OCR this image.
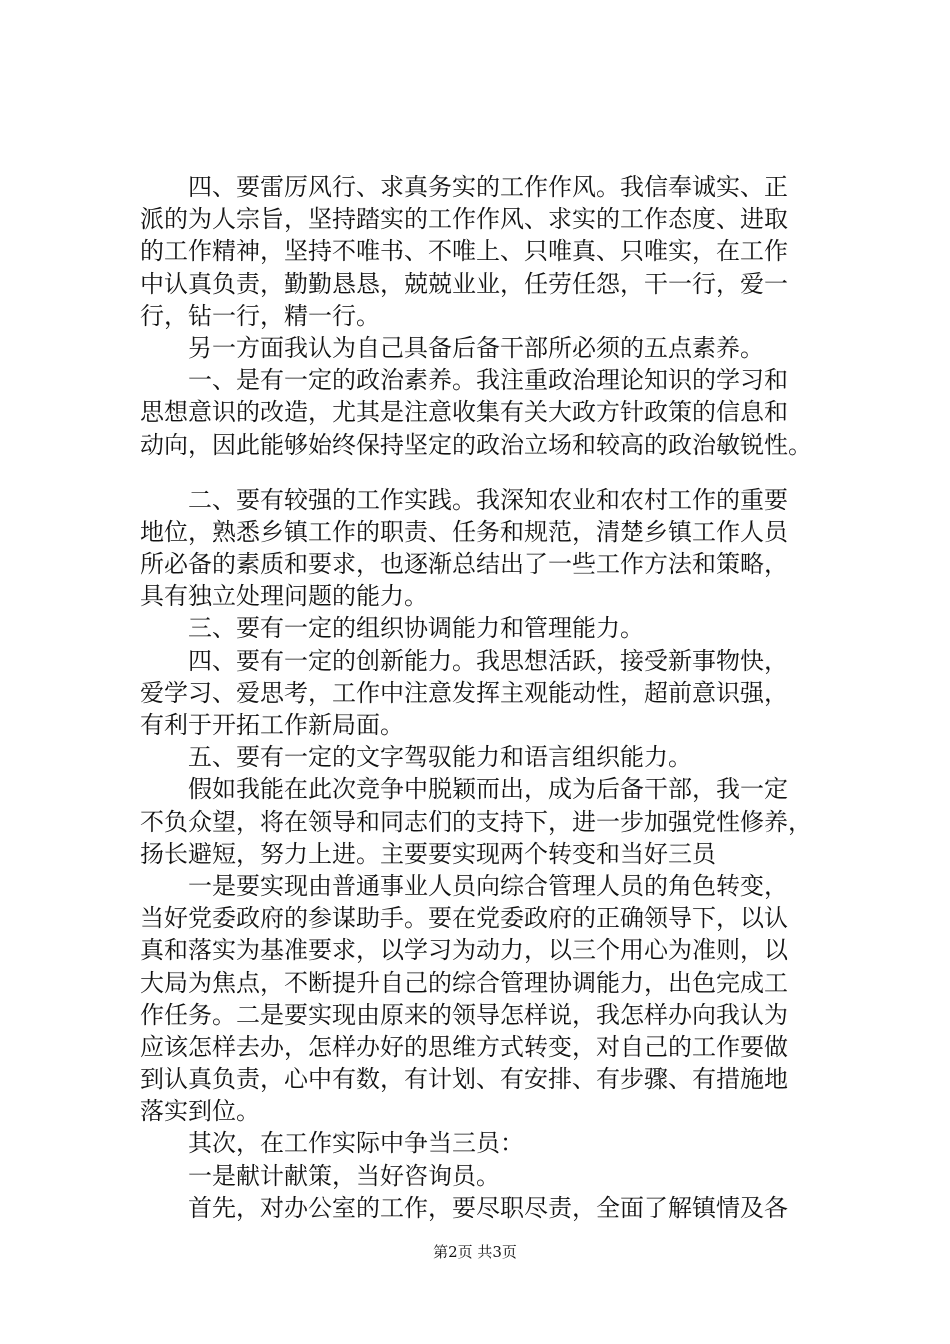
　　四、要雷厉风行、求真务实的工作作风。我信奉诚实、正
派的为人宗旨，坚持踏实的工作作风、求实的工作态度、进取
的工作精神，坚持不唯书、不唯上、只唯真、只唯实，在工作
中认真负责，勤勤恳恳，兢兢业业，任劳任怨，干一行，爱一
行，钻一行，精一行。
　　另一方面我认为自己具备后备干部所必须的五点素养。
　　一、是有一定的政治素养。我注重政治理论知识的学习和
思想意识的改造，尤其是注意收集有关大政方针政策的信息和
动向，因此能够始终保持坚定的政治立场和较高的政治敏锐性。
　　二、要有较强的工作实践。我深知农业和农村工作的重要
地位，熟悉乡镇工作的职责、任务和规范，清楚乡镇工作人员
所必备的素质和要求，也逐渐总结出了一些工作方法和策略，
具有独立处理问题的能力。
　　三、要有一定的组织协调能力和管理能力。
　　四、要有一定的创新能力。我思想活跃，接受新事物快，
爱学习、爱思考，工作中注意发挥主观能动性，超前意识强，
有利于开拓工作新局面。
　　五、要有一定的文字驾驭能力和语言组织能力。
　　假如我能在此次竞争中脱颖而出，成为后备干部，我一定
不负众望，将在领导和同志们的支持下，进一步加强党性修养，
扬长避短，努力上进。主要要实现两个转变和当好三员
　　一是要实现由普通事业人员向综合管理人员的角色转变，
当好党委政府的参谋助手。要在党委政府的正确领导下，以认
真和落实为基准要求，以学习为动力，以三个用心为准则，以
大局为焦点，不断提升自己的综合管理协调能力，出色完成工
作任务。二是要实现由原来的领导怎样说，我怎样办向我认为
应该怎样去办，怎样办好的思维方式转变，对自己的工作要做
到认真负责，心中有数，有计划、有安排、有步骤、有措施地
落实到位。
　　其次，在工作实际中争当三员：
　　一是献计献策，当好咨询员。
　　首先，对办公室的工作，要尽职尽责，全面了解镇情及各
第2页 共3页
